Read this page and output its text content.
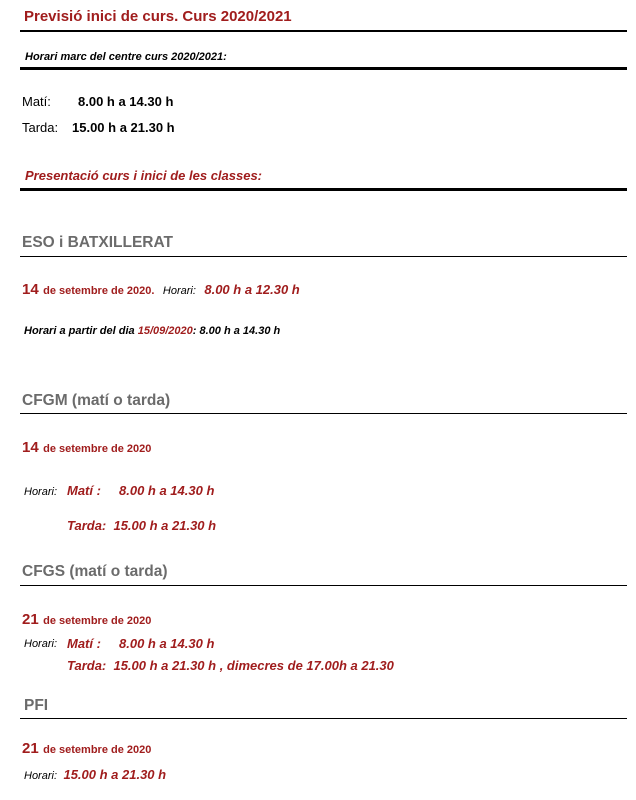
Previsió inici de curs. Curs 2020/2021
Horari marc del centre curs 2020/2021:
Matí: 8.00 h a 14.30 h
Tarda: 15.00 h a 21.30 h
Presentació curs i inici de les classes:
ESO i BATXILLERAT
14 de setembre de 2020. Horari: 8.00 h a 12.30 h
Horari a partir del dia 15/09/2020: 8.00 h a 14.30 h
CFGM (matí o tarda)
14 de setembre de 2020
Horari: Matí :     8.00 h a 14.30 h
Tarda:  15.00 h a 21.30 h
CFGS (matí o tarda)
21 de setembre de 2020
Horari: Matí :     8.00 h a 14.30 h
Tarda:  15.00 h a 21.30 h , dimecres de 17.00h a 21.30
PFI
21 de setembre de 2020
Horari: 15.00 h a 21.30 h
